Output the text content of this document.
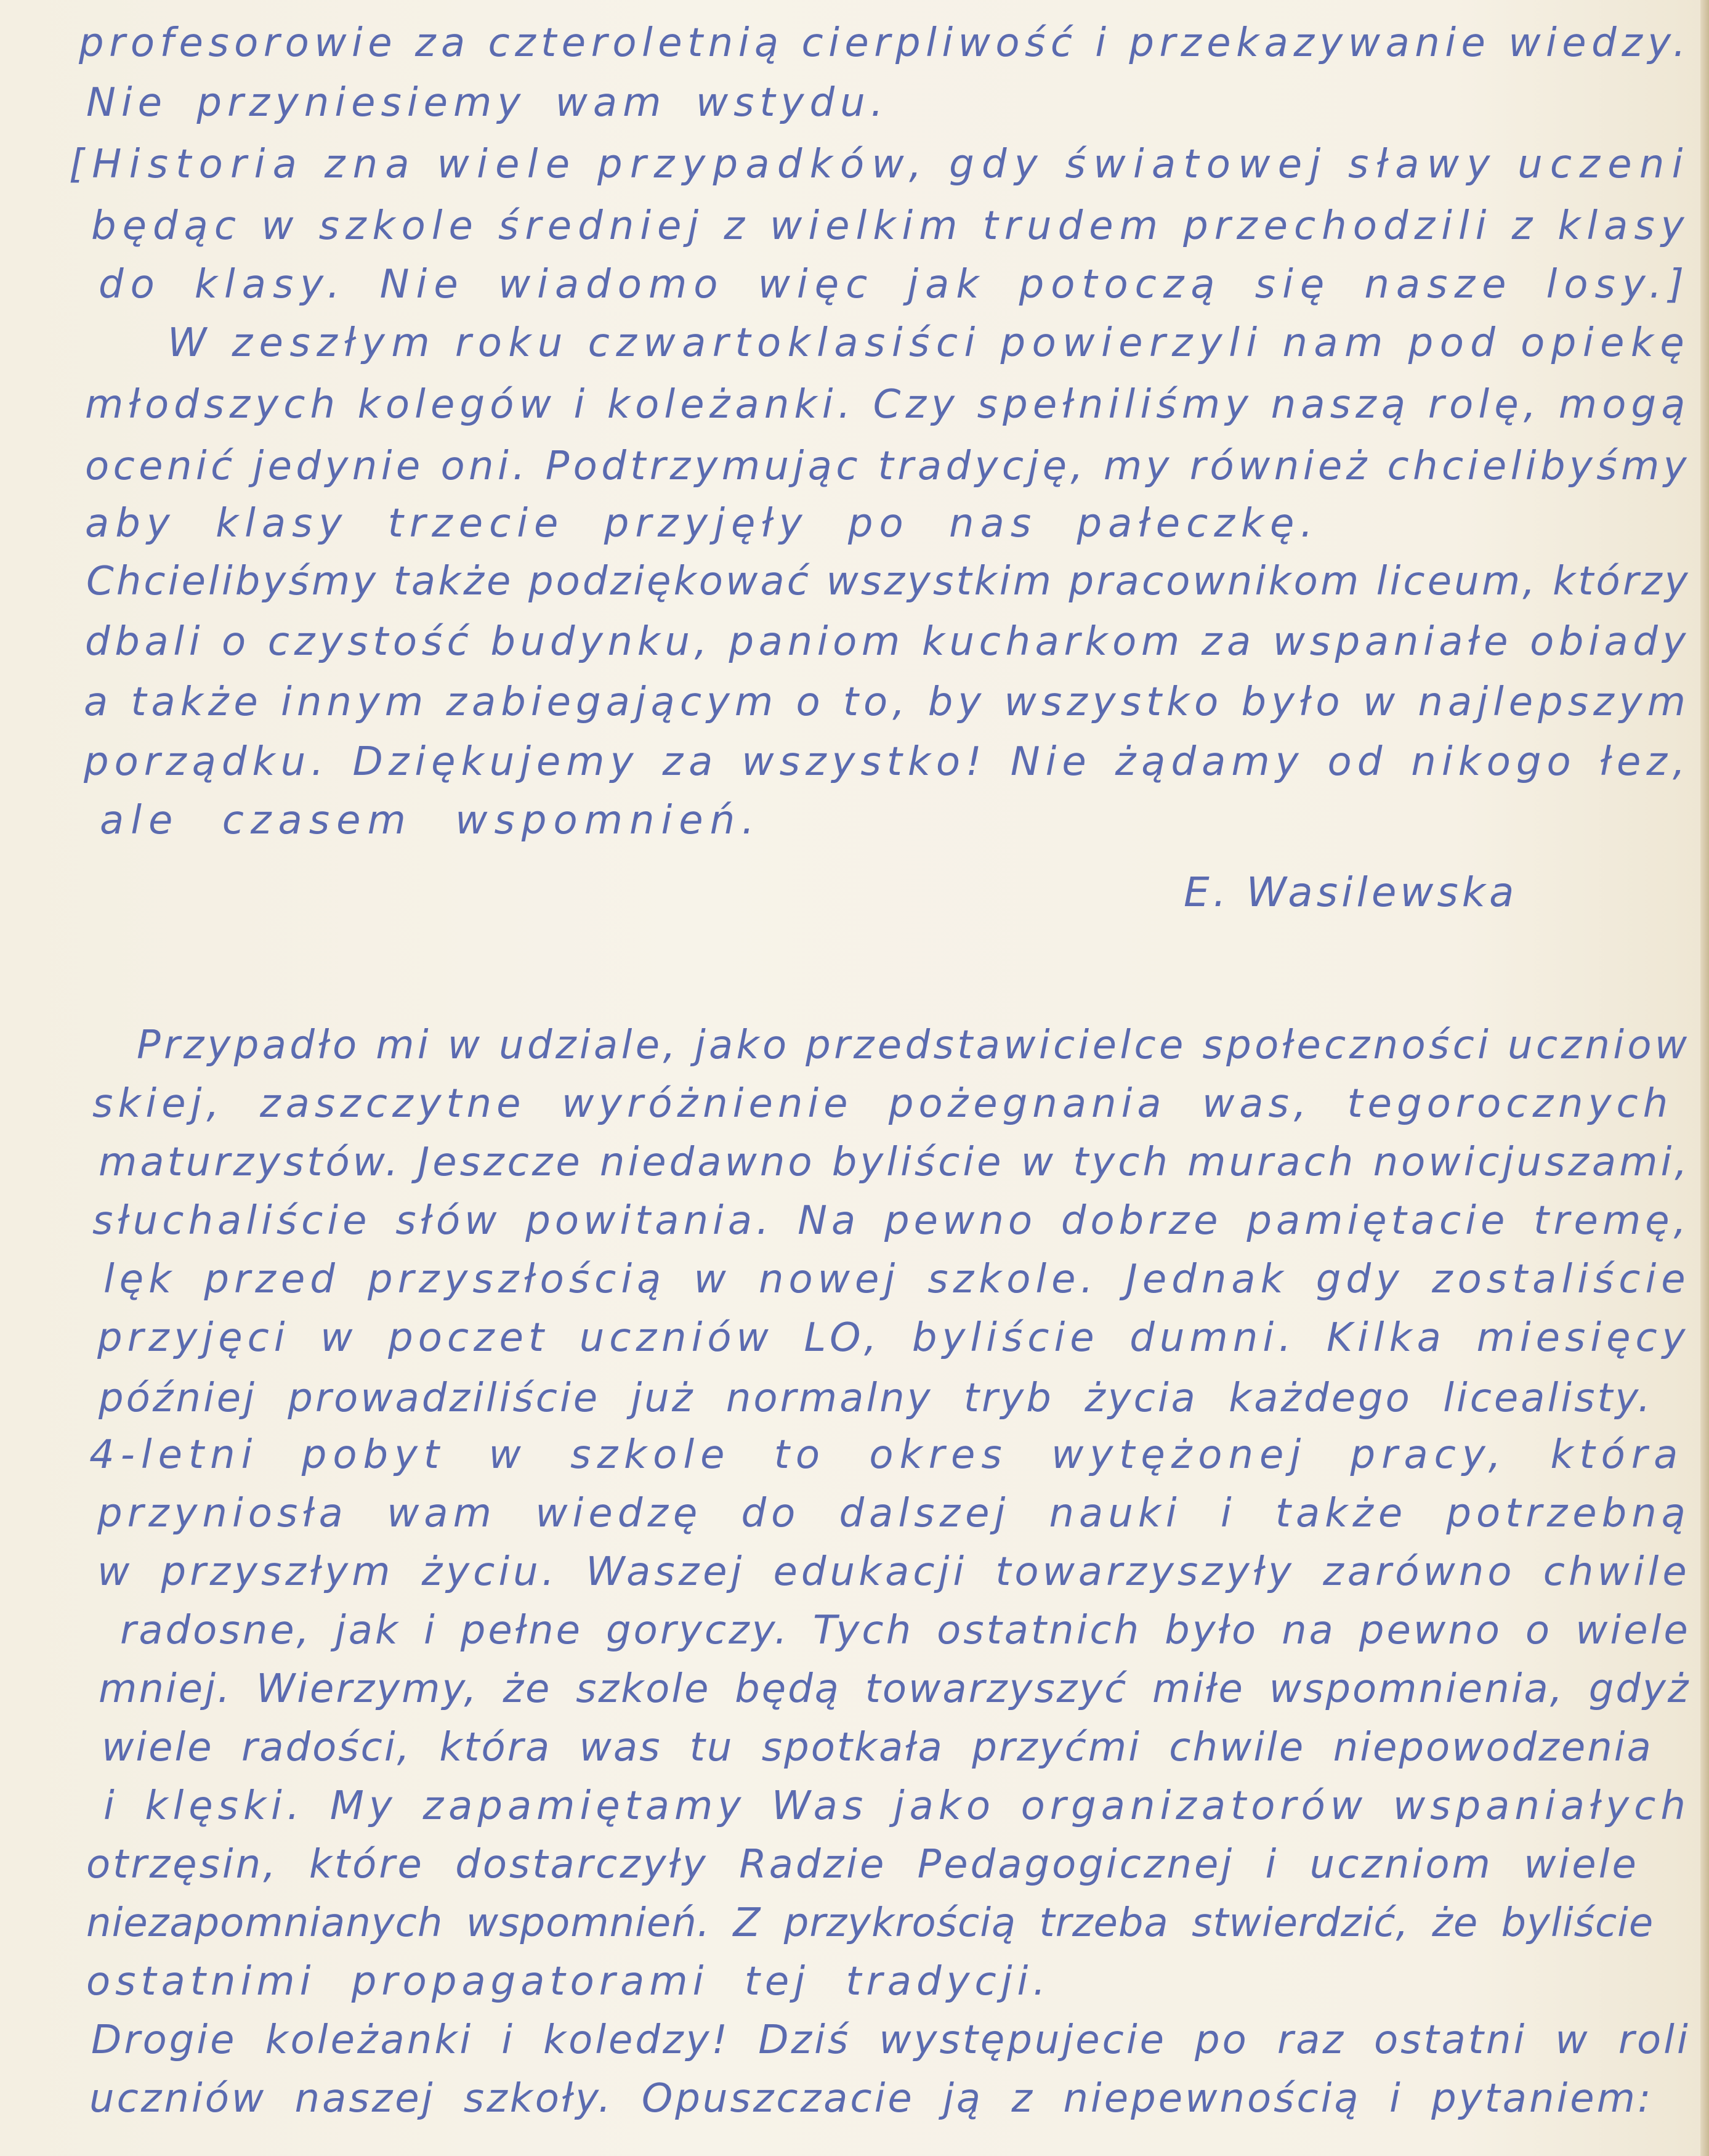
profesorowie za czteroletnią cierpliwość i przekazywanie wiedzy.

Nie przyniesiemy wam wstydu.

[Historia zna wiele przypadków, gdy światowej sławy uczeni

będąc w szkole średniej z wielkim trudem przechodzili z klasy

do klasy. Nie wiadomo więc jak potoczą się nasze losy.]

W zeszłym roku czwartoklasiści powierzyli nam pod opiekę

młodszych kolegów i koleżanki. Czy spełniliśmy naszą rolę, mogą

ocenić jedynie oni. Podtrzymując tradycję, my również chcielibyśmy

aby klasy trzecie przyjęły po nas pałeczkę.

Chcielibyśmy także podziękować wszystkim pracownikom liceum, którzy

dbali o czystość budynku, paniom kucharkom za wspaniałe obiady

a także innym zabiegającym o to, by wszystko było w najlepszym

porządku. Dziękujemy za wszystko! Nie żądamy od nikogo łez,

ale czasem wspomnień.

E. Wasilewska

Przypadło mi w udziale, jako przedstawicielce społeczności uczniow

skiej, zaszczytne wyróżnienie pożegnania was, tegorocznych

maturzystów. Jeszcze niedawno byliście w tych murach nowicjuszami,

słuchaliście słów powitania. Na pewno dobrze pamiętacie tremę,

lęk przed przyszłością w nowej szkole. Jednak gdy zostaliście

przyjęci w poczet uczniów LO, byliście dumni. Kilka miesięcy

później prowadziliście już normalny tryb życia każdego licealisty.

4-letni pobyt w szkole to okres wytężonej pracy, która

przyniosła wam wiedzę do dalszej nauki i także potrzebną

w przyszłym życiu. Waszej edukacji towarzyszyły zarówno chwile

radosne, jak i pełne goryczy. Tych ostatnich było na pewno o wiele

mniej. Wierzymy, że szkole będą towarzyszyć miłe wspomnienia, gdyż

wiele radości, która was tu spotkała przyćmi chwile niepowodzenia

i klęski. My zapamiętamy Was jako organizatorów wspaniałych

otrzęsin, które dostarczyły Radzie Pedagogicznej i uczniom wiele

niezapomnianych wspomnień. Z przykrością trzeba stwierdzić, że byliście

ostatnimi propagatorami tej tradycji.

Drogie koleżanki i koledzy! Dziś występujecie po raz ostatni w roli

uczniów naszej szkoły. Opuszczacie ją z niepewnością i pytaniem:
